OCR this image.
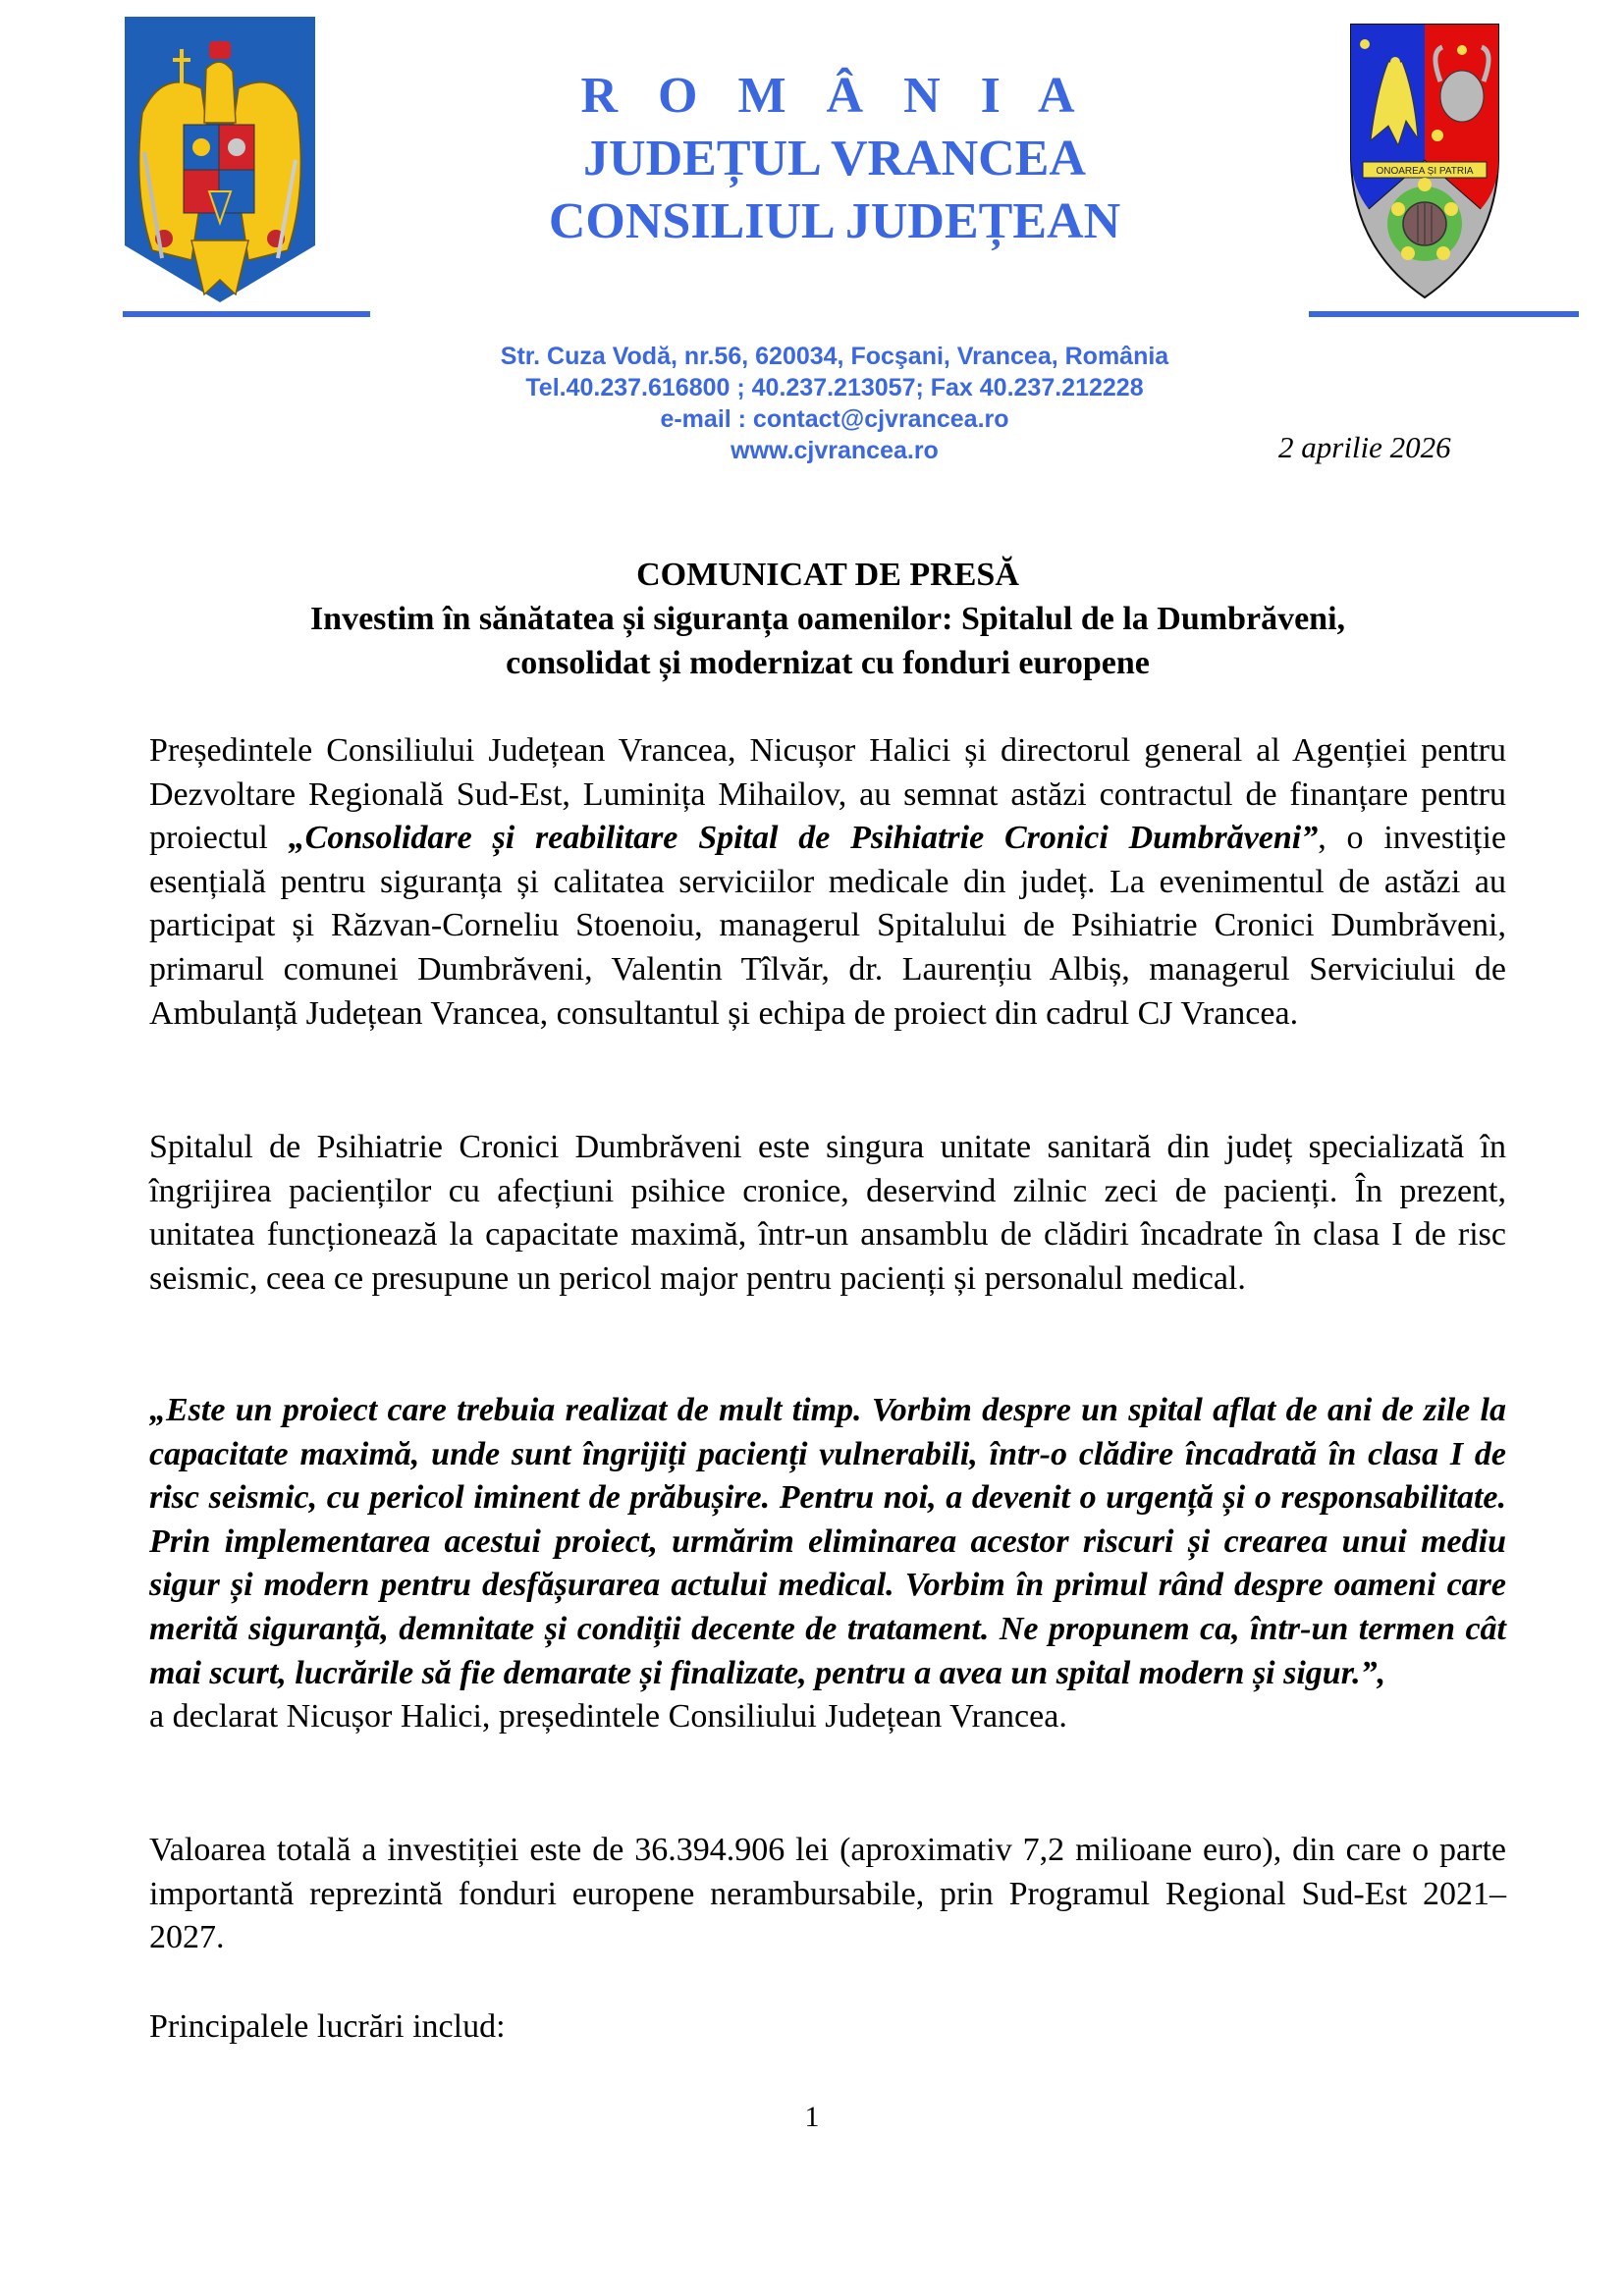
ONOAREA ȘI PATRIA
R O M Â N I A
JUDEȚUL VRANCEA
CONSILIUL JUDEȚEAN
Str. Cuza Vodă, nr.56, 620034, Focşani, Vrancea, România
Tel.40.237.616800 ; 40.237.213057; Fax 40.237.212228
e-mail : contact@cjvrancea.ro
www.cjvrancea.ro	2 aprilie 2026
COMUNICAT DE PRESĂ
Investim în sănătatea și siguranța oamenilor: Spitalul de la Dumbrăveni,
consolidat și modernizat cu fonduri europene
Președintele Consiliului Județean Vrancea, Nicușor Halici și directorul general al Agenției pentru Dezvoltare Regională Sud-Est, Luminița Mihailov, au semnat astăzi contractul de finanțare pentru proiectul „Consolidare și reabilitare Spital de Psihiatrie Cronici Dumbrăveni”, o investiție esențială pentru siguranța și calitatea serviciilor medicale din județ. La evenimentul de astăzi au participat și Răzvan-Corneliu Stoenoiu, managerul Spitalului de Psihiatrie Cronici Dumbrăveni, primarul comunei Dumbrăveni, Valentin Tîlvăr, dr. Laurențiu Albiș, managerul Serviciului de Ambulanță Județean Vrancea, consultantul și echipa de proiect din cadrul CJ Vrancea.
Spitalul de Psihiatrie Cronici Dumbrăveni este singura unitate sanitară din județ specializată în îngrijirea pacienților cu afecțiuni psihice cronice, deservind zilnic zeci de pacienți. În prezent, unitatea funcționează la capacitate maximă, într-un ansamblu de clădiri încadrate în clasa I de risc seismic, ceea ce presupune un pericol major pentru pacienți și personalul medical.
„Este un proiect care trebuia realizat de mult timp. Vorbim despre un spital aflat de ani de zile la capacitate maximă, unde sunt îngrijiți pacienți vulnerabili, într-o clădire încadrată în clasa I de risc seismic, cu pericol iminent de prăbușire. Pentru noi, a devenit o urgență și o responsabilitate. Prin implementarea acestui proiect, urmărim eliminarea acestor riscuri și crearea unui mediu sigur și modern pentru desfășurarea actului medical. Vorbim în primul rând despre oameni care merită siguranță, demnitate și condiții decente de tratament. Ne propunem ca, într-un termen cât mai scurt, lucrările să fie demarate și finalizate, pentru a avea un spital modern și sigur.”,
a declarat Nicușor Halici, președintele Consiliului Județean Vrancea.
Valoarea totală a investiției este de 36.394.906 lei (aproximativ 7,2 milioane euro), din care o parte importantă reprezintă fonduri europene nerambursabile, prin Programul Regional Sud-Est 2021–2027.
Principalele lucrări includ:
1
